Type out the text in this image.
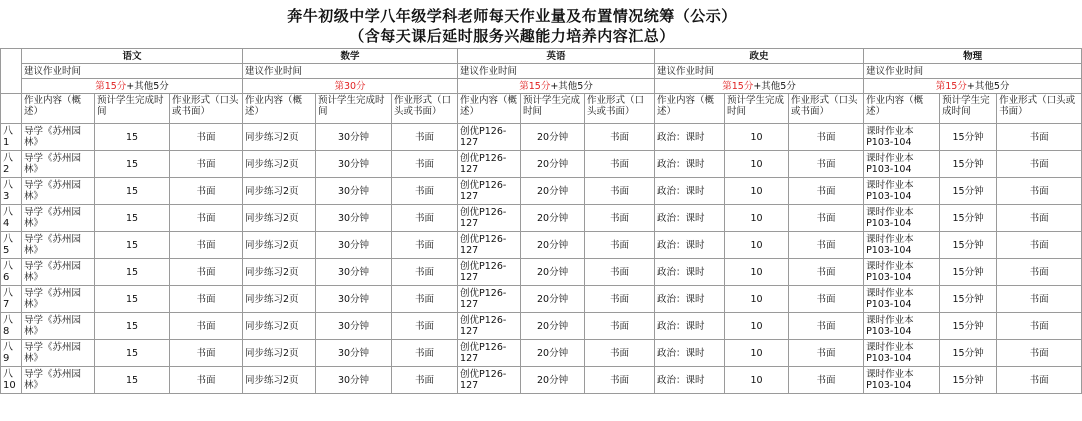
奔牛初级中学八年级学科老师每天作业量及布置情况统筹（公示）
（含每天课后延时服务兴趣能力培养内容汇总）
	语文			数学			英语			政史			物理		
	建议作业时间			建议作业时间			建议作业时间			建议作业时间			建议作业时间		
	第15分+其他5分			第30分			第15分+其他5分			第15分+其他5分			第15分+其他5分		
	作业内容（概述）	预计学生完成时间	作业形式（口头或书面）	作业内容（概述）	预计学生完成时间	作业形式（口头或书面）	作业内容（概述）	预计学生完成时间	作业形式（口头或书面）	作业内容（概述）	预计学生完成时间	作业形式（口头或书面）	作业内容（概述）	预计学生完成时间	作业形式（口头或书面）
八1	导学《苏州园林》	15	书面	同步练习2页	30分钟	书面	创优P126-127	20分钟	书面	政治：课时	10	书面	课时作业本P103-104	15分钟	书面
八2	导学《苏州园林》	15	书面	同步练习2页	30分钟	书面	创优P126-127	20分钟	书面	政治：课时	10	书面	课时作业本P103-104	15分钟	书面
八3	导学《苏州园林》	15	书面	同步练习2页	30分钟	书面	创优P126-127	20分钟	书面	政治：课时	10	书面	课时作业本P103-104	15分钟	书面
八4	导学《苏州园林》	15	书面	同步练习2页	30分钟	书面	创优P126-127	20分钟	书面	政治：课时	10	书面	课时作业本P103-104	15分钟	书面
八5	导学《苏州园林》	15	书面	同步练习2页	30分钟	书面	创优P126-127	20分钟	书面	政治：课时	10	书面	课时作业本P103-104	15分钟	书面
八6	导学《苏州园林》	15	书面	同步练习2页	30分钟	书面	创优P126-127	20分钟	书面	政治：课时	10	书面	课时作业本P103-104	15分钟	书面
八7	导学《苏州园林》	15	书面	同步练习2页	30分钟	书面	创优P126-127	20分钟	书面	政治：课时	10	书面	课时作业本P103-104	15分钟	书面
八8	导学《苏州园林》	15	书面	同步练习2页	30分钟	书面	创优P126-127	20分钟	书面	政治：课时	10	书面	课时作业本P103-104	15分钟	书面
八9	导学《苏州园林》	15	书面	同步练习2页	30分钟	书面	创优P126-127	20分钟	书面	政治：课时	10	书面	课时作业本P103-104	15分钟	书面
八10	导学《苏州园林》	15	书面	同步练习2页	30分钟	书面	创优P126-127	20分钟	书面	政治：课时	10	书面	课时作业本P103-104	15分钟	书面
